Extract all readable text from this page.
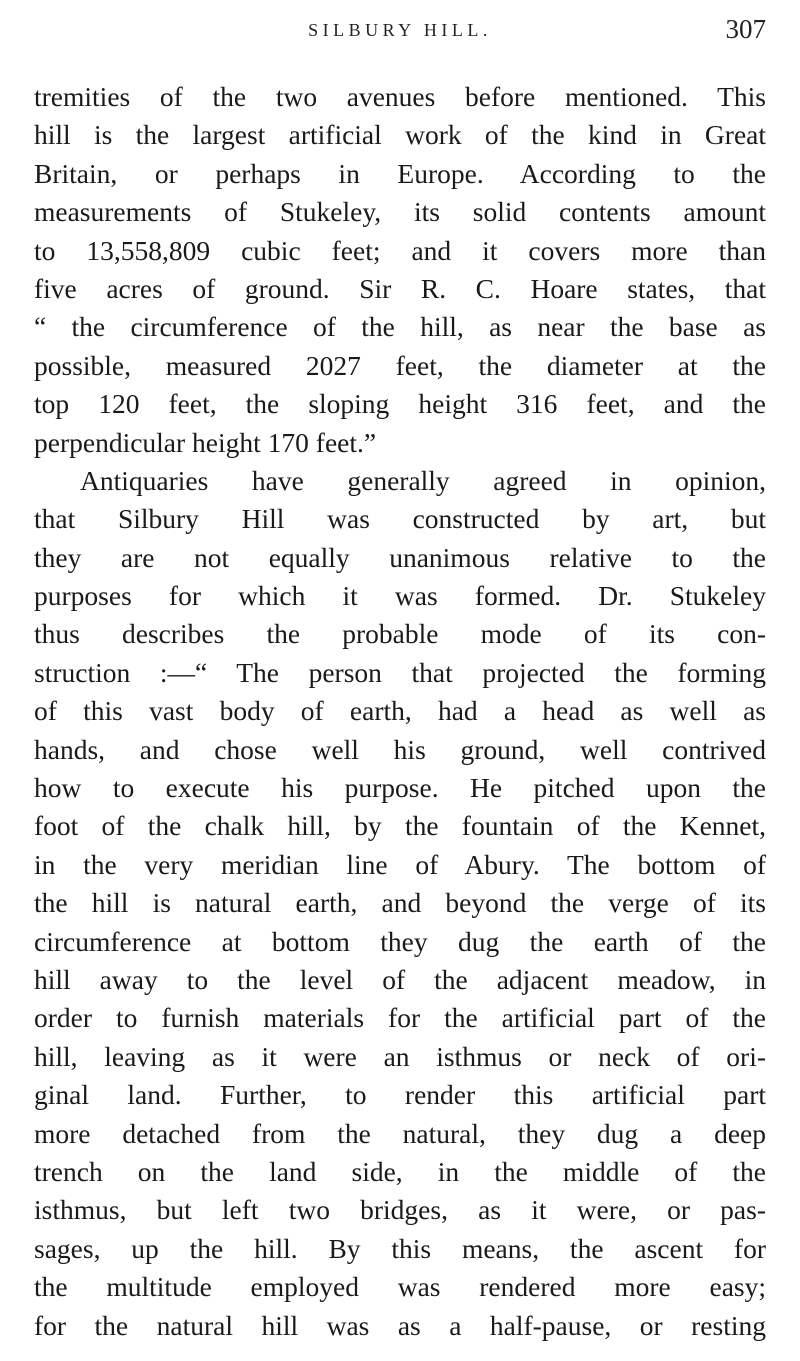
SILBURY HILL.	307
tremities of the two avenues before mentioned. This
hill is the largest artificial work of the kind in Great
Britain, or perhaps in Europe. According to the
measurements of Stukeley, its solid contents amount
to 13,558,809 cubic feet; and it covers more than
five acres of ground. Sir R. C. Hoare states, that
“ the circumference of the hill, as near the base as
possible, measured 2027 feet, the diameter at the
top 120 feet, the sloping height 316 feet, and the
perpendicular height 170 feet.”
Antiquaries have generally agreed in opinion,
that Silbury Hill was constructed by art, but
they are not equally unanimous relative to the
purposes for which it was formed. Dr. Stukeley
thus describes the probable mode of its con-
struction :—“ The person that projected the forming
of this vast body of earth, had a head as well as
hands, and chose well his ground, well contrived
how to execute his purpose. He pitched upon the
foot of the chalk hill, by the fountain of the Kennet,
in the very meridian line of Abury. The bottom of
the hill is natural earth, and beyond the verge of its
circumference at bottom they dug the earth of the
hill away to the level of the adjacent meadow, in
order to furnish materials for the artificial part of the
hill, leaving as it were an isthmus or neck of ori-
ginal land. Further, to render this artificial part
more detached from the natural, they dug a deep
trench on the land side, in the middle of the
isthmus, but left two bridges, as it were, or pas-
sages, up the hill. By this means, the ascent for
the multitude employed was rendered more easy;
for the natural hill was as a half-pause, or resting
